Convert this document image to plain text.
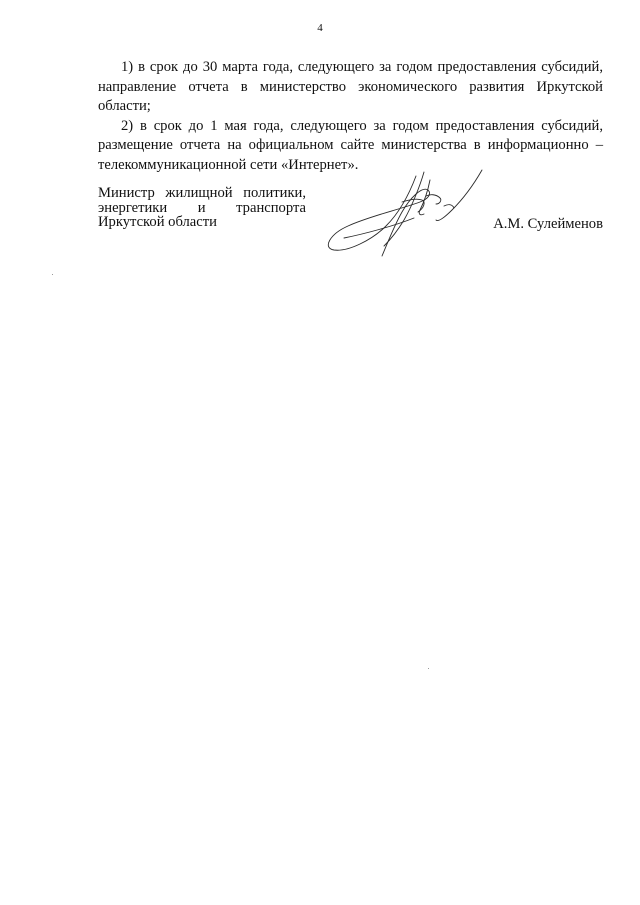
4

1) в срок до 30 марта года, следующего за годом предоставления субсидий, направление отчета в министерство экономического развития Иркутской области;

2) в срок до 1 мая года, следующего за годом предоставления субсидий, размещение отчета на официальном сайте министерства в информационно – телекоммуникационной сети «Интернет».

Министр жилищной политики,
энергетики и транспорта
Иркутской области	А.М. Сулейменов
